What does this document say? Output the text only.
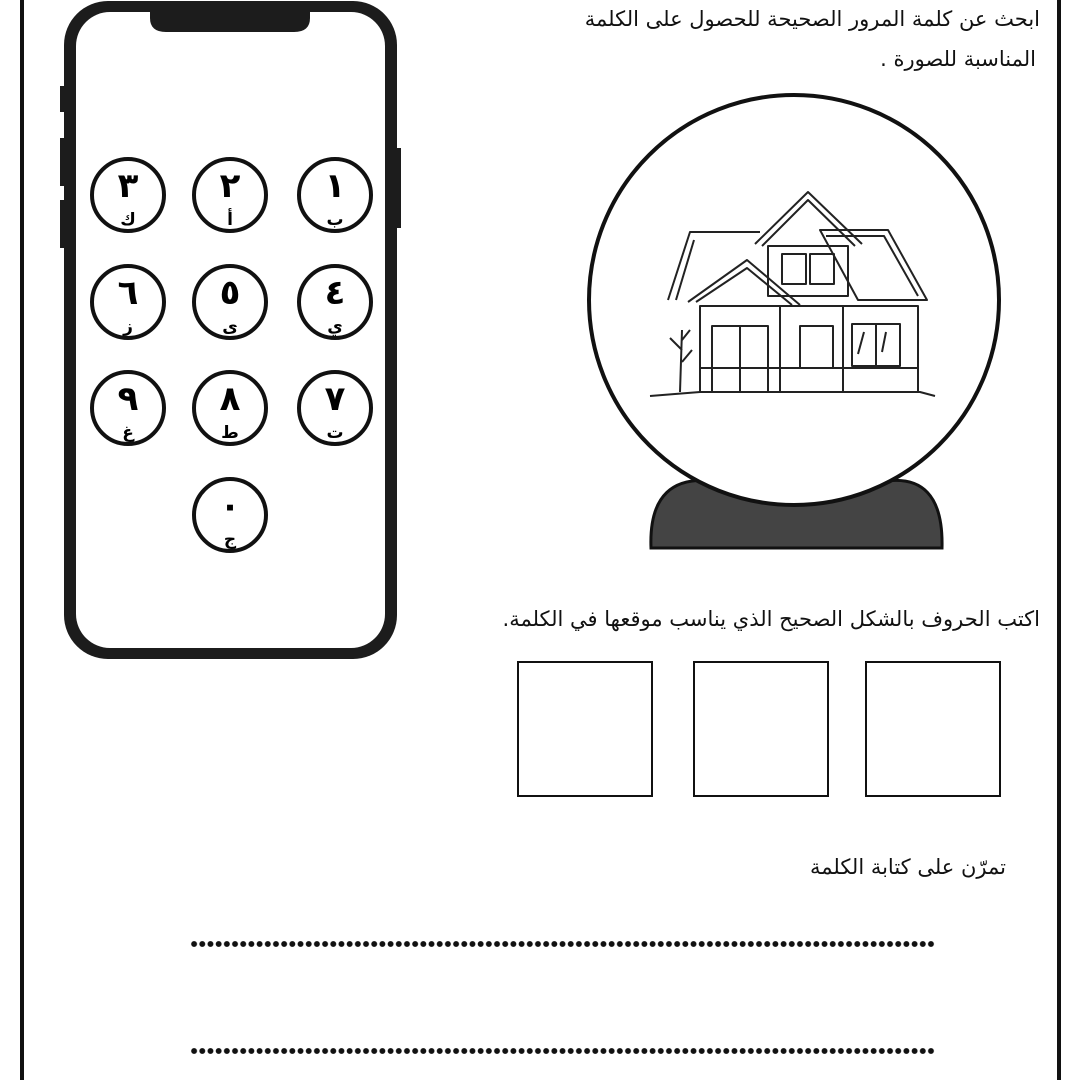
٣
ك
٢
أ
١
ب
٦
ز
٥
ى
٤
ي
٩
غ
٨
ط
٧
ت
٠
ج
ابحث عن كلمة المرور الصحيحة للحصول على الكلمة
المناسبة للصورة .
اكتب الحروف بالشكل الصحيح الذي يناسب موقعها في الكلمة.
تمرّن على كتابة الكلمة
